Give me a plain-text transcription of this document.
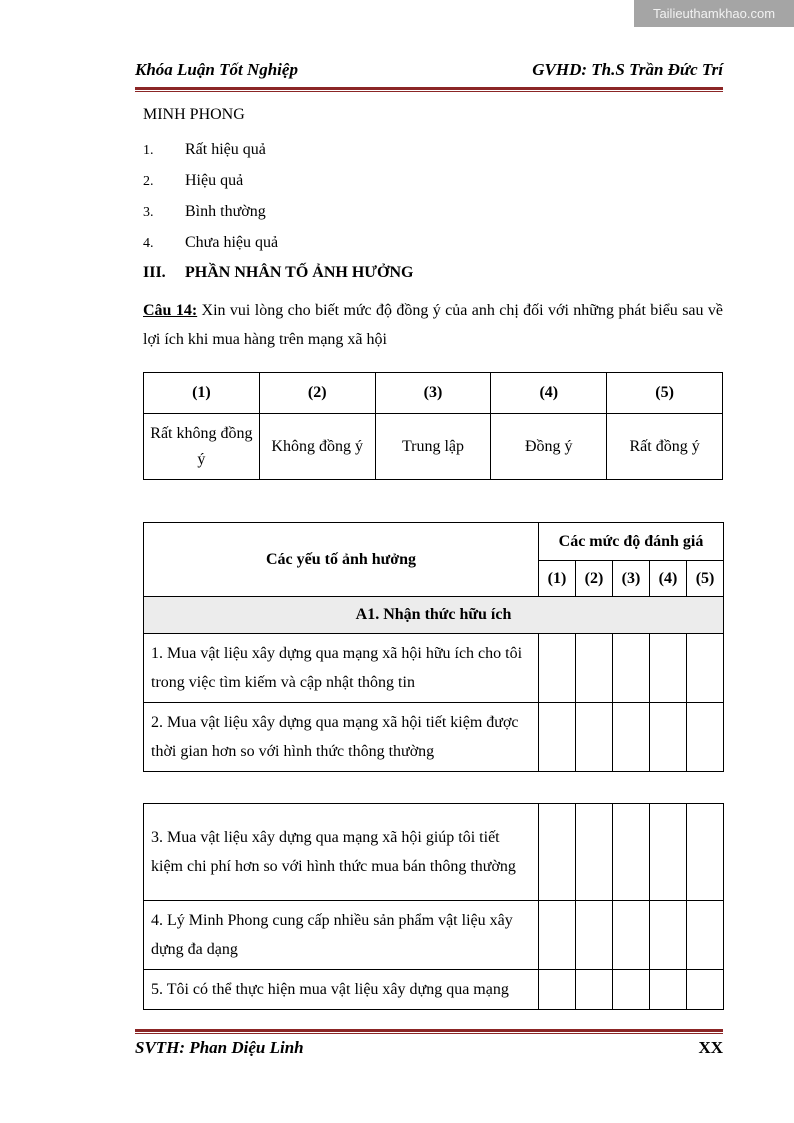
Tailieuthamkhao.com
Khóa Luận Tốt Nghiệp	GVHD: Th.S Trần Đức Trí

MINH PHONG

1.	Rất hiệu quả
2.	Hiệu quả
3.	Bình thường
4.	Chưa hiệu quả
III.	PHẦN NHÂN TỐ ẢNH HƯỞNG

Câu 14: Xin vui lòng cho biết mức độ đồng ý của anh chị đối với những phát biểu sau về lợi ích khi mua hàng trên mạng xã hội

(1)	(2)	(3)	(4)	(5)
Rất không đồng ý	Không đồng ý	Trung lập	Đồng ý	Rất đồng ý
Các yếu tố ảnh hưởng	Các mức độ đánh giá				
	(1)	(2)	(3)	(4)	(5)
A1. Nhận thức hữu ích					
1. Mua vật liệu xây dựng qua mạng xã hội hữu ích cho tôi trong việc tìm kiếm và cập nhật thông tin					
2. Mua vật liệu xây dựng qua mạng xã hội tiết kiệm được thời gian hơn so với hình thức thông thường					
3. Mua vật liệu xây dựng qua mạng xã hội giúp tôi tiết kiệm chi phí hơn so với hình thức mua bán thông thường					
4. Lý Minh Phong cung cấp nhiều sản phẩm vật liệu xây dựng đa dạng					
5. Tôi có thể thực hiện mua vật liệu xây dựng qua mạng					
SVTH: Phan Diệu Linh	XX
